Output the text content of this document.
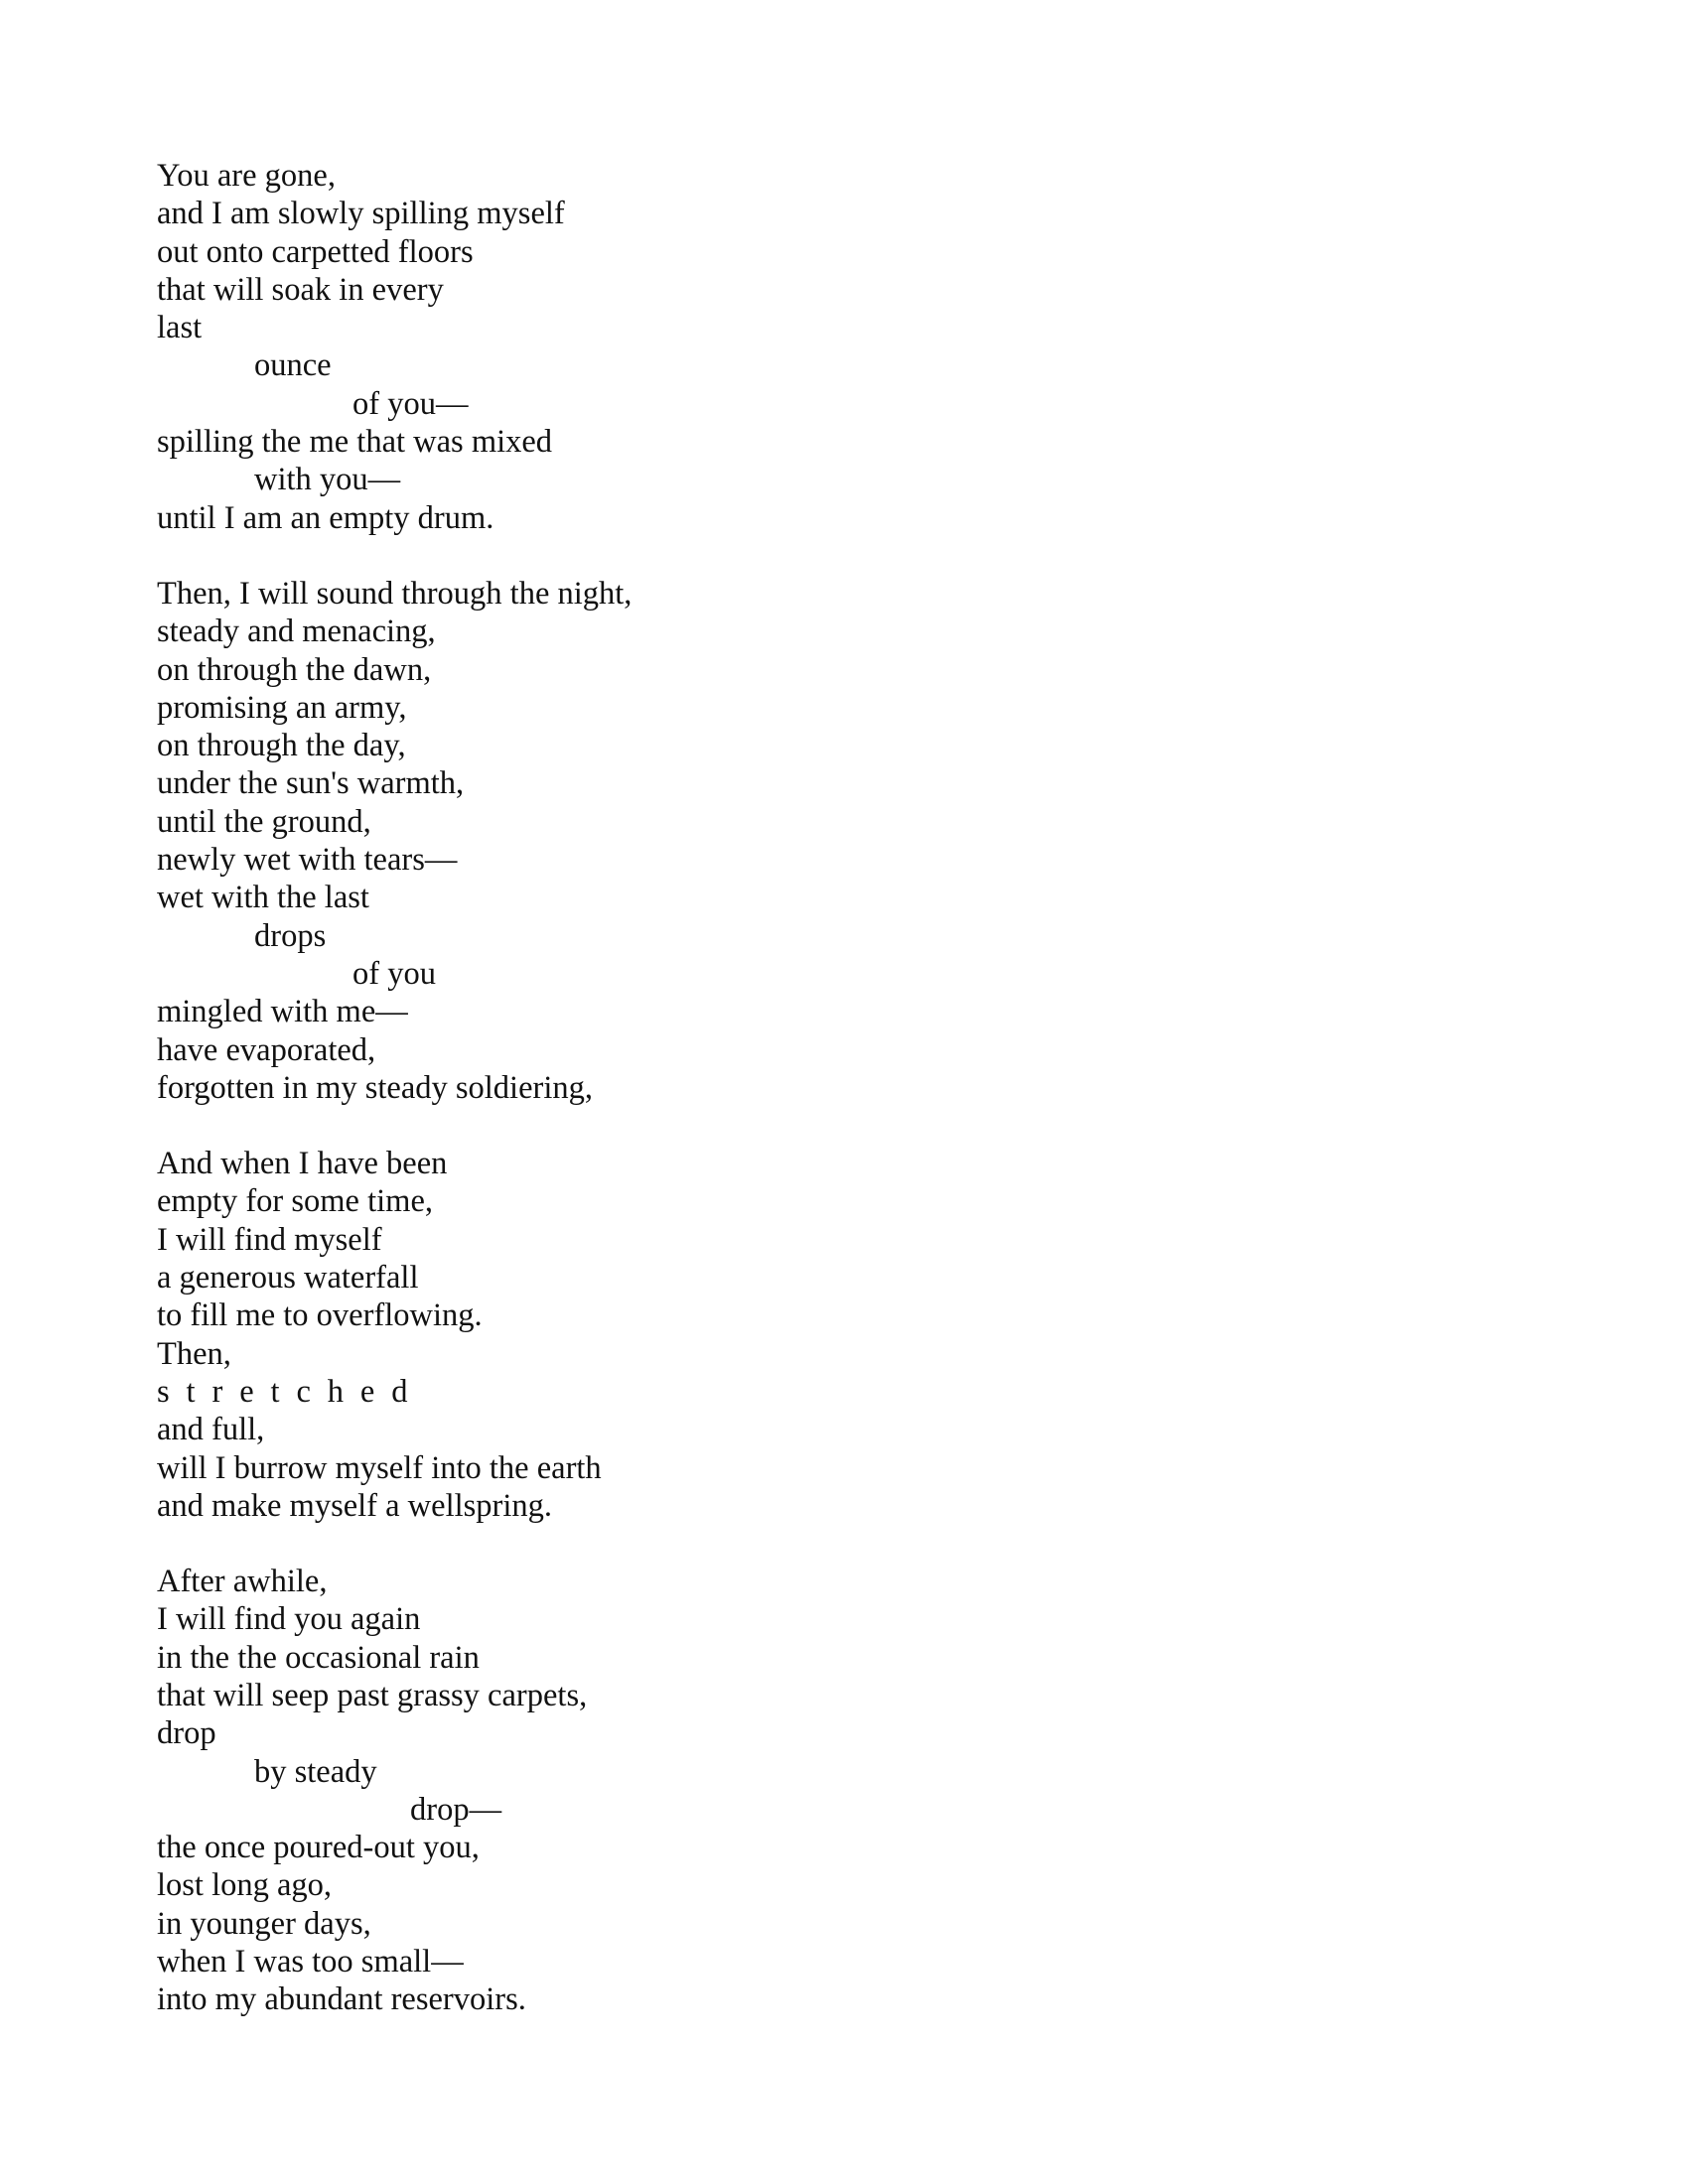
You are gone,
and I am slowly spilling myself
out onto carpetted floors
that will soak in every
last
ounce
of you—
spilling the me that was mixed
with you—
until I am an empty drum.
Then, I will sound through the night,
steady and menacing,
on through the dawn,
promising an army,
on through the day,
under the sun's warmth,
until the ground,
newly wet with tears—
wet with the last
drops
of you
mingled with me—
have evaporated,
forgotten in my steady soldiering,
And when I have been
empty for some time,
I will find myself
a generous waterfall
to fill me to overflowing.
Then,
stretched
and full,
will I burrow myself into the earth
and make myself a wellspring.
After awhile,
I will find you again
in the the occasional rain
that will seep past grassy carpets,
drop
by steady
drop—
the once poured-out you,
lost long ago,
in younger days,
when I was too small—
into my abundant reservoirs.
